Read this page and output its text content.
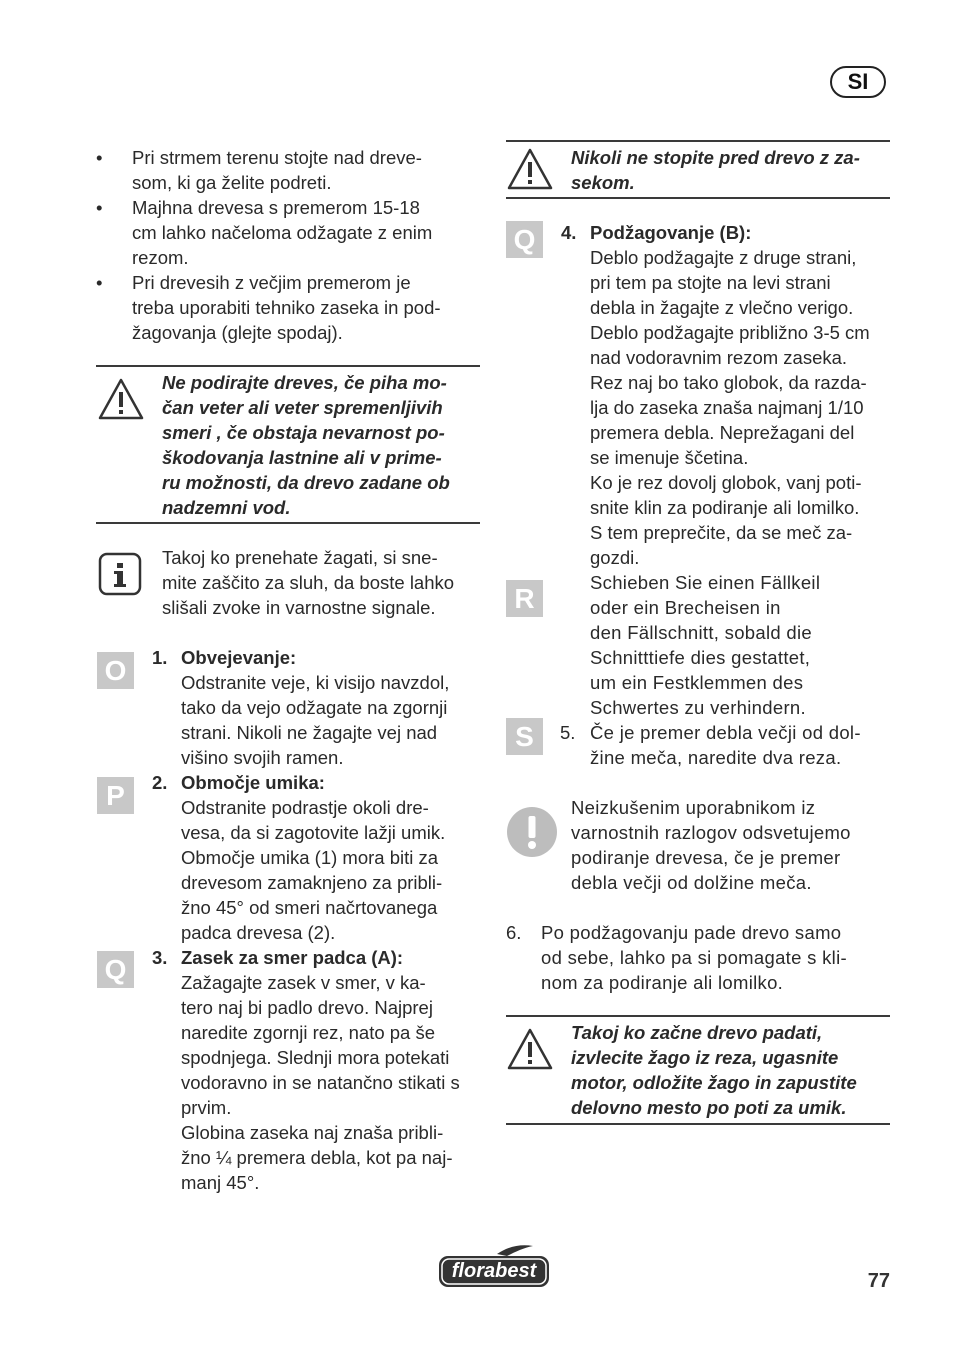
SI
• Pri strmem terenu stojte nad dreve-
som, ki ga želite podreti.
• Majhna drevesa s premerom 15-18
cm lahko načeloma odžagate z enim
rezom.
• Pri drevesih z večjim premerom je
treba uporabiti tehniko zaseka in pod-
žagovanja (glejte spodaj).
Ne podirajte dreves, če piha mo-
čan veter ali veter spremenljivih
smeri , če obstaja nevarnost po-
škodovanja lastnine ali v prime-
ru možnosti, da drevo zadane ob
nadzemni vod.
Takoj ko prenehate žagati, si sne-
mite zaščito za sluh, da boste lahko
slišali zvoke in varnostne signale.
O	1. Obvejevanje:
Odstranite veje, ki visijo navzdol,
tako da vejo odžagate na zgornji
strani. Nikoli ne žagajte vej nad
višino svojih ramen.
P	2. Območje umika:
Odstranite podrastje okoli dre-
vesa, da si zagotovite lažji umik.
Območje umika (1) mora biti za
drevesom zamaknjeno za pribli-
žno 45° od smeri načrtovanega
padca drevesa (2).
Q	3. Zasek za smer padca (A):
Zažagajte zasek v smer, v ka-
tero naj bi padlo drevo. Najprej
naredite zgornji rez, nato pa še
spodnjega. Slednji mora potekati
vodoravno in se natančno stikati s
prvim.
Globina zaseka naj znaša pribli-
žno ¼ premera debla, kot pa naj-
manj 45°.
Nikoli ne stopite pred drevo z za-
sekom.
Q	4. Podžagovanje (B):
Deblo podžagajte z druge strani,
pri tem pa stojte na levi strani
debla in žagajte z vlečno verigo.
Deblo podžagajte približno 3-5 cm
nad vodoravnim rezom zaseka.
Rez naj bo tako globok, da razda-
lja do zaseka znaša najmanj 1/10
premera debla. Neprežagani del
se imenuje ščetina.
Ko je rez dovolj globok, vanj poti-
snite klin za podiranje ali lomilko.
S tem preprečite, da se meč za-
gozdi.
R
Schieben Sie einen Fällkeil
oder ein Brecheisen in
den Fällschnitt, sobald die
Schnitttiefe dies gestattet,
um ein Festklemmen des
Schwertes zu verhindern.
S	5. Če je premer debla večji od dol-
žine meča, naredite dva reza.
Neizkušenim uporabnikom iz
varnostnih razlogov odsvetujemo
podiranje drevesa, če je premer
debla večji od dolžine meča.
6. Po podžagovanju pade drevo samo
od sebe, lahko pa si pomagate s kli-
nom za podiranje ali lomilko.
Takoj ko začne drevo padati,
izvlecite žago iz reza, ugasnite
motor, odložite žago in zapustite
delovno mesto po poti za umik.
florabest	77
